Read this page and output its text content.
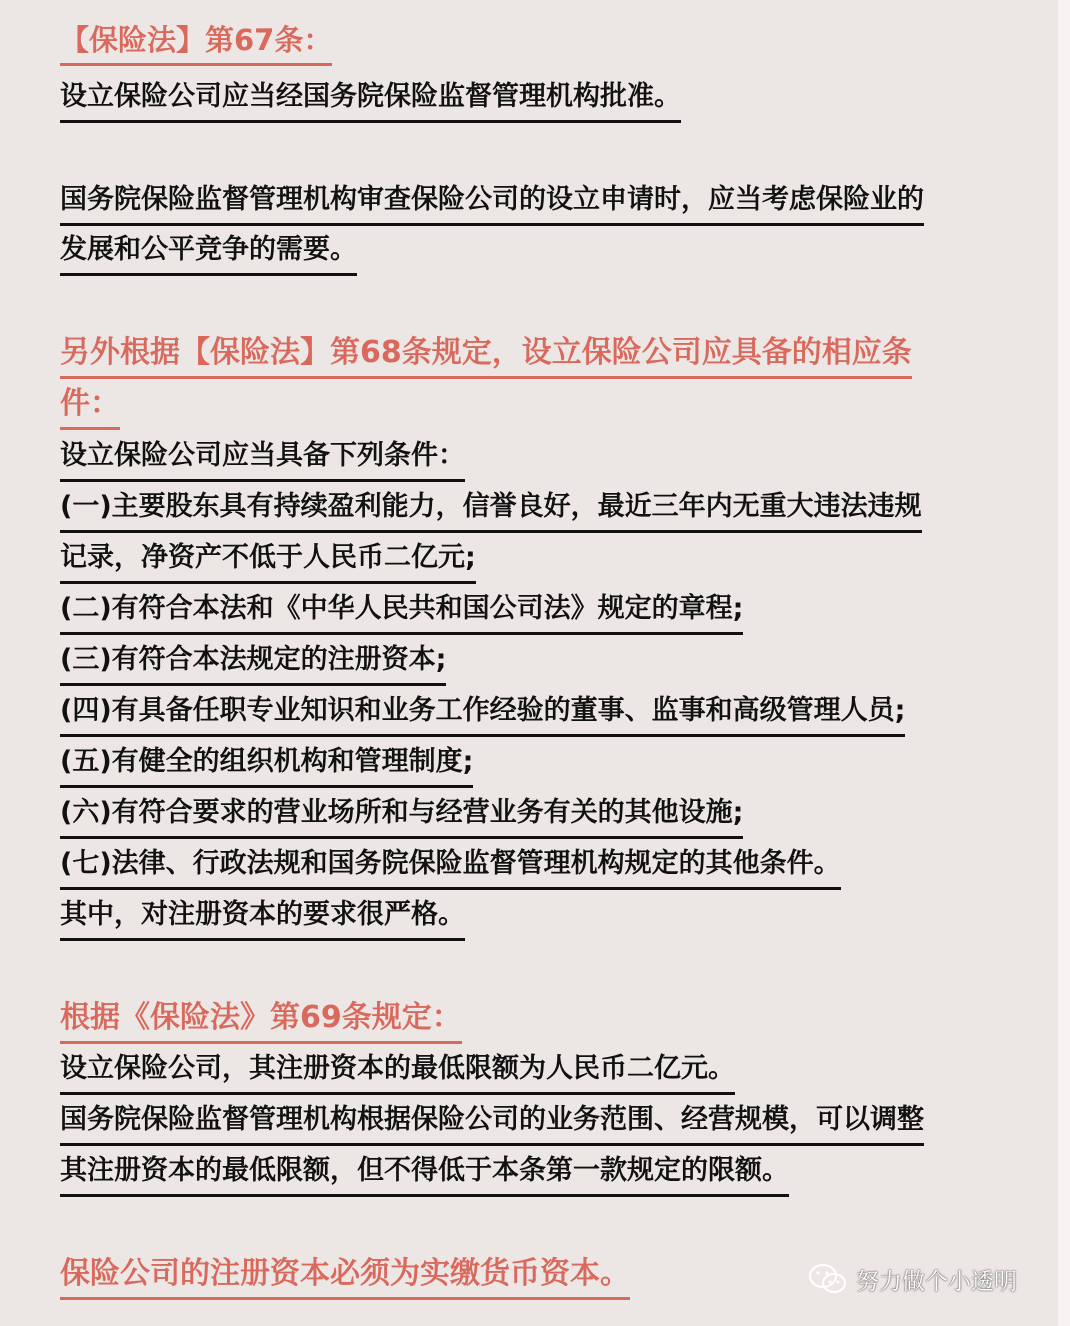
【保险法】第67条：
设立保险公司应当经国务院保险监督管理机构批准。
国务院保险监督管理机构审查保险公司的设立申请时，应当考虑保险业的
发展和公平竞争的需要。
另外根据【保险法】第68条规定，设立保险公司应具备的相应条
件：
设立保险公司应当具备下列条件：
(一)主要股东具有持续盈利能力，信誉良好，最近三年内无重大违法违规
记录，净资产不低于人民币二亿元;
(二)有符合本法和《中华人民共和国公司法》规定的章程;
(三)有符合本法规定的注册资本;
(四)有具备任职专业知识和业务工作经验的董事、监事和高级管理人员;
(五)有健全的组织机构和管理制度;
(六)有符合要求的营业场所和与经营业务有关的其他设施;
(七)法律、行政法规和国务院保险监督管理机构规定的其他条件。
其中，对注册资本的要求很严格。
根据《保险法》第69条规定：
设立保险公司，其注册资本的最低限额为人民币二亿元。
国务院保险监督管理机构根据保险公司的业务范围、经营规模，可以调整
其注册资本的最低限额，但不得低于本条第一款规定的限额。
保险公司的注册资本必须为实缴货币资本。	努力做个小透明
